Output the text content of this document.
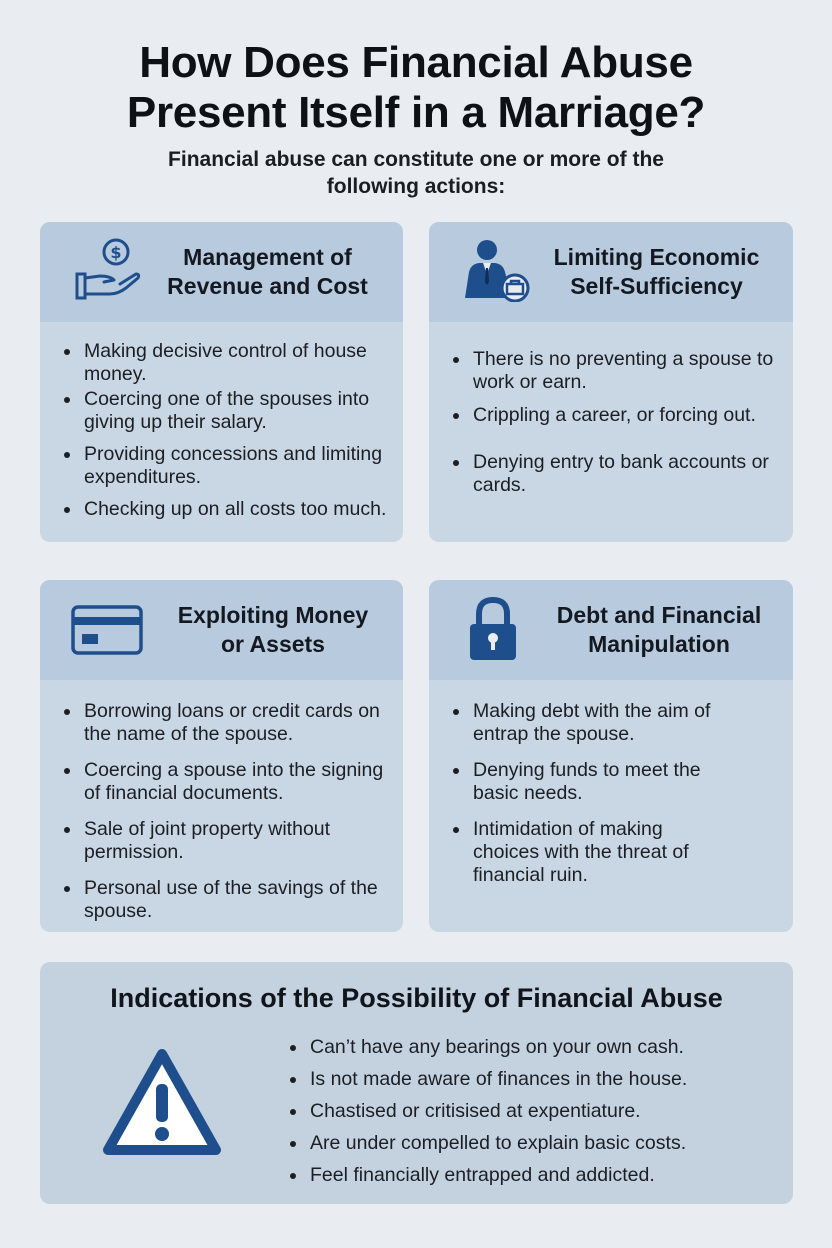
How Does Financial Abuse
Present Itself in a Marriage?
Financial abuse can constitute one or more of the
following actions:
$	Management of
Revenue and Cost
Making decisive control of house money.
Coercing one of the spouses into giving up their salary.
Providing concessions and limiting expenditures.
Checking up on all costs too much.
Limiting Economic
Self-Sufficiency
There is no preventing a spouse to work or earn.
Crippling a career, or forcing out.
Denying entry to bank accounts or cards.
Exploiting Money
or Assets
Borrowing loans or credit cards on the name of the spouse.
Coercing a spouse into the signing of financial documents.
Sale of joint property without permission.
Personal use of the savings of the spouse.
Debt and Financial
Manipulation
Making debt with the aim of entrap the spouse.
Denying funds to meet the basic needs.
Intimidation of making choices with the threat of financial ruin.
Indications of the Possibility of Financial Abuse
Can’t have any bearings on your own cash.
Is not made aware of finances in the house.
Chastised or critisised at expentiature.
Are under compelled to explain basic costs.
Feel financially entrapped and addicted.
